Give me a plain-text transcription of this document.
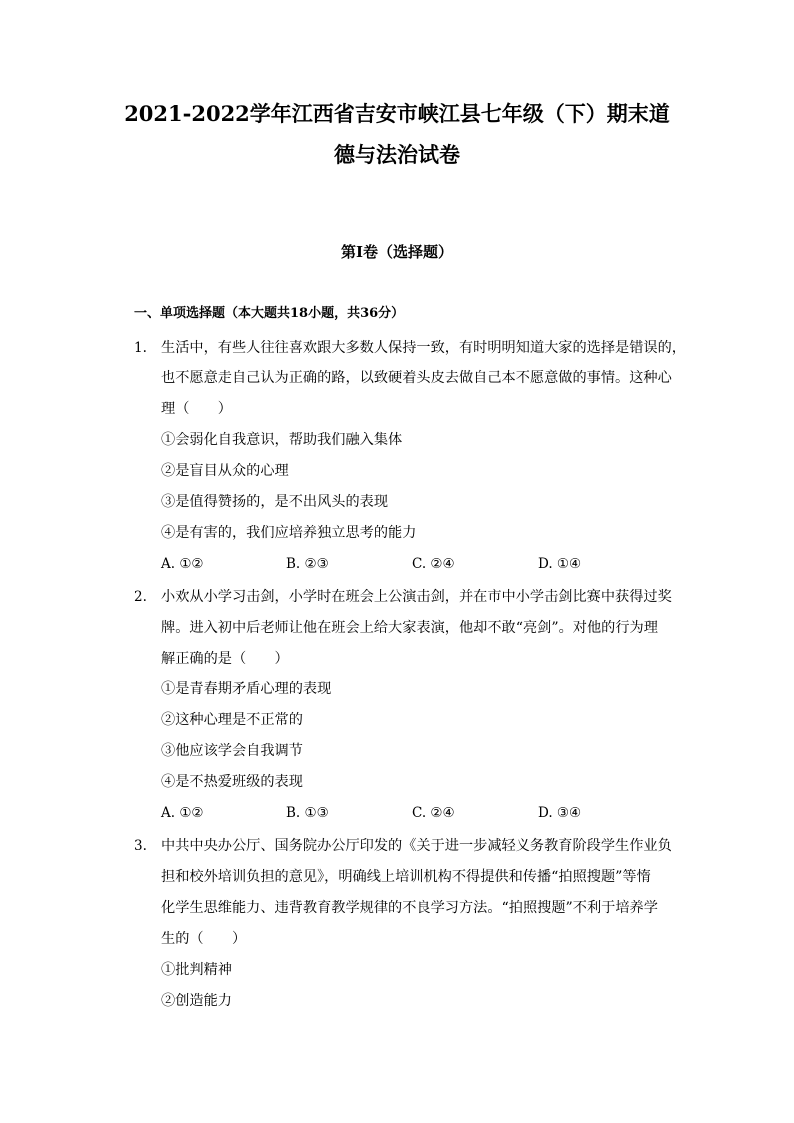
2021-2022学年江西省吉安市峡江县七年级（下）期末道
德与法治试卷
第I卷（选择题）
一、单项选择题（本大题共18小题，共36分）
1. 生活中，有些人往往喜欢跟大多数人保持一致，有时明明知道大家的选择是错误的，
也不愿意走自己认为正确的路，以致硬着头皮去做自己本不愿意做的事情。这种心
理（　　）
①会弱化自我意识，帮助我们融入集体
②是盲目从众的心理
③是值得赞扬的，是不出风头的表现
④是有害的，我们应培养独立思考的能力
A. ①②	B. ②③	C. ②④	D. ①④
2. 小欢从小学习击剑，小学时在班会上公演击剑，并在市中小学击剑比赛中获得过奖
牌。进入初中后老师让他在班会上给大家表演，他却不敢“亮剑”。对他的行为理
解正确的是（　　）
①是青春期矛盾心理的表现
②这种心理是不正常的
③他应该学会自我调节
④是不热爱班级的表现
A. ①②	B. ①③	C. ②④	D. ③④
3. 中共中央办公厅、国务院办公厅印发的《关于进一步减轻义务教育阶段学生作业负
担和校外培训负担的意见》，明确线上培训机构不得提供和传播“拍照搜题”等惰
化学生思维能力、违背教育教学规律的不良学习方法。“拍照搜题”不利于培养学
生的（　　）
①批判精神
②创造能力
